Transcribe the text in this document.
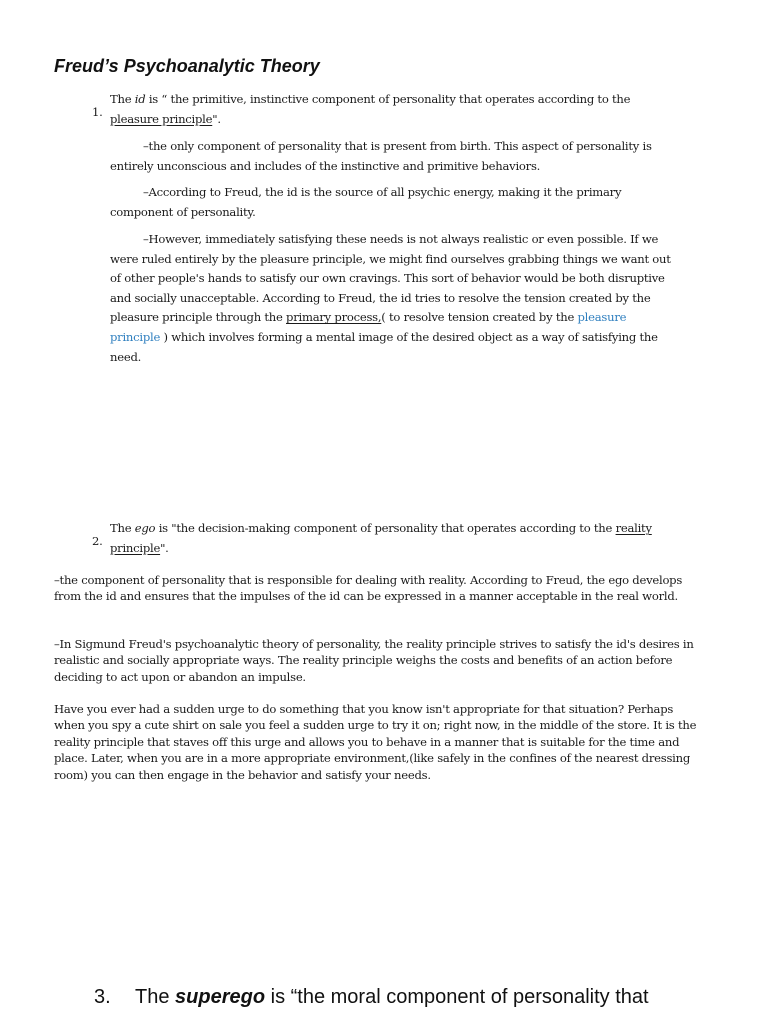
Freud’s Psychoanalytic Theory

1.
The id is “ the primitive, instinctive component of personality that operates according to the pleasure principle".

–the only component of personality that is present from birth. This aspect of personality is entirely unconscious and includes of the instinctive and primitive behaviors.

–According to Freud, the id is the source of all psychic energy, making it the primary component of personality.

–However, immediately satisfying these needs is not always realistic or even possible. If we were ruled entirely by the pleasure principle, we might find ourselves grabbing things we want out of other people's hands to satisfy our own cravings. This sort of behavior would be both disruptive and socially unacceptable. According to Freud, the id tries to resolve the tension created by the pleasure principle through the primary process,( to resolve tension created by the pleasure principle ) which involves forming a mental image of the desired object as a way of satisfying the need.

2.
The ego is "the decision-making component of personality that operates according to the reality principle".

–the component of personality that is responsible for dealing with reality. According to Freud, the ego develops from the id and ensures that the impulses of the id can be expressed in a manner acceptable in the real world.

–In Sigmund Freud's psychoanalytic theory of personality, the reality principle strives to satisfy the id's desires in realistic and socially appropriate ways. The reality principle weighs the costs and benefits of an action before deciding to act upon or abandon an impulse.

Have you ever had a sudden urge to do something that you know isn't appropriate for that situation? Perhaps when you spy a cute shirt on sale you feel a sudden urge to try it on; right now, in the middle of the store. It is the reality principle that staves off this urge and allows you to behave in a manner that is suitable for the time and place. Later, when you are in a more appropriate environment,(like safely in the confines of the nearest dressing room) you can then engage in the behavior and satisfy your needs.

3. The superego is “the moral component of personality that
